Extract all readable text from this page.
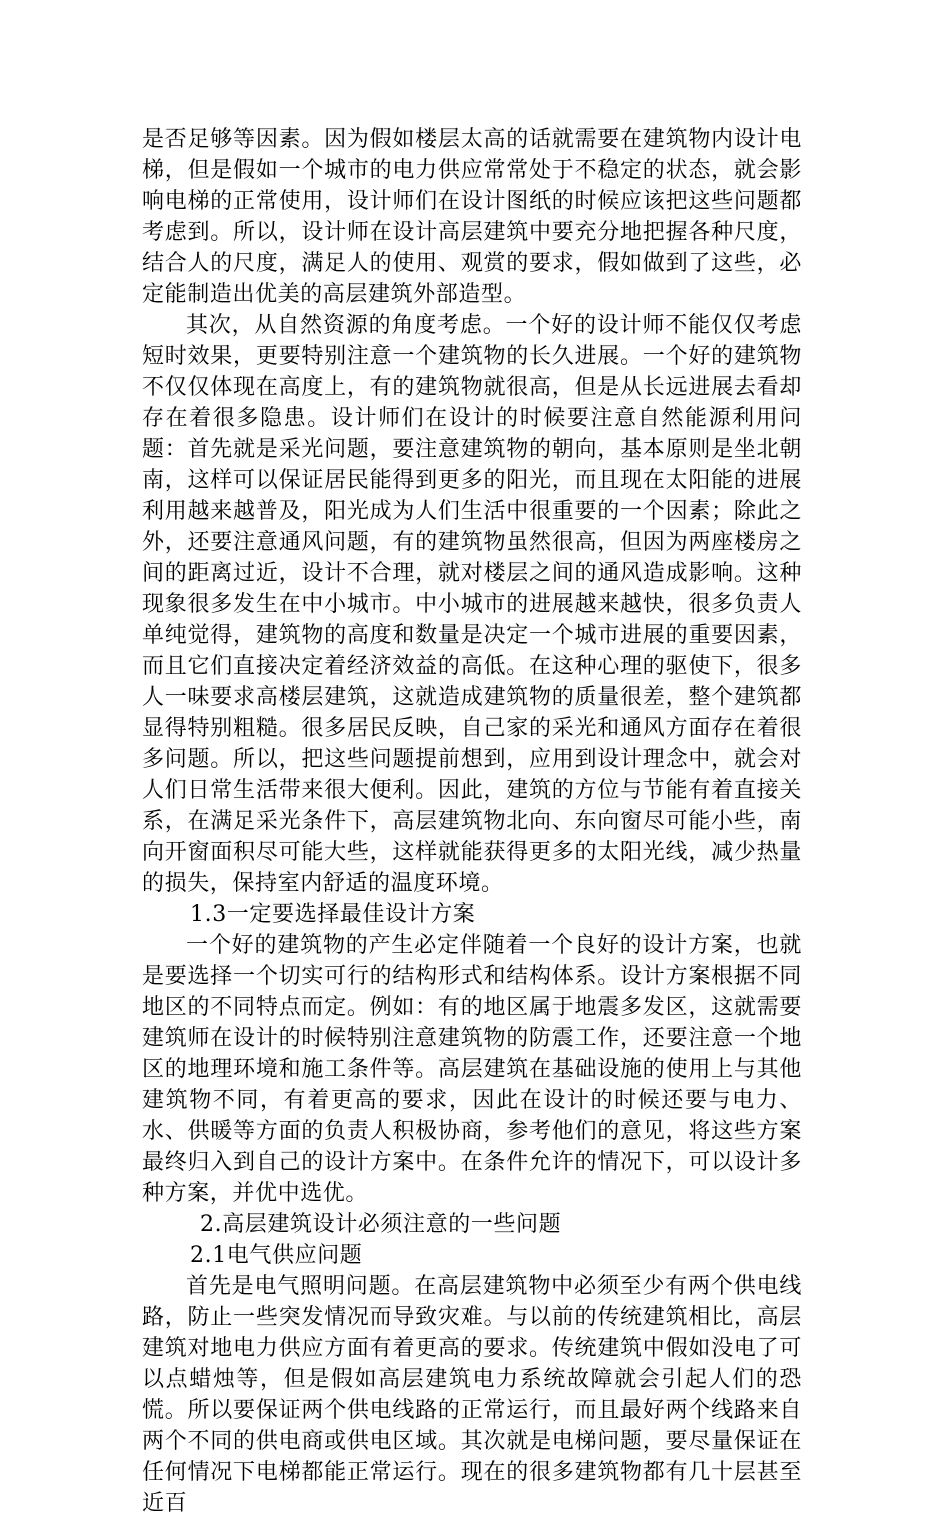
是否足够等因素。因为假如楼层太高的话就需要在建筑物内设计电梯，但是假如一个城市的电力供应常常处于不稳定的状态，就会影响电梯的正常使用，设计师们在设计图纸的时候应该把这些问题都考虑到。所以，设计师在设计高层建筑中要充分地把握各种尺度，结合人的尺度，满足人的使用、观赏的要求，假如做到了这些，必定能制造出优美的高层建筑外部造型。

其次，从自然资源的角度考虑。一个好的设计师不能仅仅考虑短时效果，更要特别注意一个建筑物的长久进展。一个好的建筑物不仅仅体现在高度上，有的建筑物就很高，但是从长远进展去看却存在着很多隐患。设计师们在设计的时候要注意自然能源利用问题：首先就是采光问题，要注意建筑物的朝向，基本原则是坐北朝南，这样可以保证居民能得到更多的阳光，而且现在太阳能的进展利用越来越普及，阳光成为人们生活中很重要的一个因素；除此之外，还要注意通风问题，有的建筑物虽然很高，但因为两座楼房之间的距离过近，设计不合理，就对楼层之间的通风造成影响。这种现象很多发生在中小城市。中小城市的进展越来越快，很多负责人单纯觉得，建筑物的高度和数量是决定一个城市进展的重要因素，而且它们直接决定着经济效益的高低。在这种心理的驱使下，很多人一味要求高楼层建筑，这就造成建筑物的质量很差，整个建筑都显得特别粗糙。很多居民反映，自己家的采光和通风方面存在着很多问题。所以，把这些问题提前想到，应用到设计理念中，就会对人们日常生活带来很大便利。因此，建筑的方位与节能有着直接关系，在满足采光条件下，高层建筑物北向、东向窗尽可能小些，南向开窗面积尽可能大些，这样就能获得更多的太阳光线，减少热量的损失，保持室内舒适的温度环境。

1.3一定要选择最佳设计方案

一个好的建筑物的产生必定伴随着一个良好的设计方案，也就是要选择一个切实可行的结构形式和结构体系。设计方案根据不同地区的不同特点而定。例如：有的地区属于地震多发区，这就需要建筑师在设计的时候特别注意建筑物的防震工作，还要注意一个地区的地理环境和施工条件等。高层建筑在基础设施的使用上与其他建筑物不同，有着更高的要求，因此在设计的时候还要与电力、水、供暖等方面的负责人积极协商，参考他们的意见，将这些方案最终归入到自己的设计方案中。在条件允许的情况下，可以设计多种方案，并优中选优。

2.高层建筑设计必须注意的一些问题

2.1电气供应问题

首先是电气照明问题。在高层建筑物中必须至少有两个供电线路，防止一些突发情况而导致灾难。与以前的传统建筑相比，高层建筑对地电力供应方面有着更高的要求。传统建筑中假如没电了可以点蜡烛等，但是假如高层建筑电力系统故障就会引起人们的恐慌。所以要保证两个供电线路的正常运行，而且最好两个线路来自两个不同的供电商或供电区域。其次就是电梯问题，要尽量保证在任何情况下电梯都能正常运行。现在的很多建筑物都有几十层甚至近百
